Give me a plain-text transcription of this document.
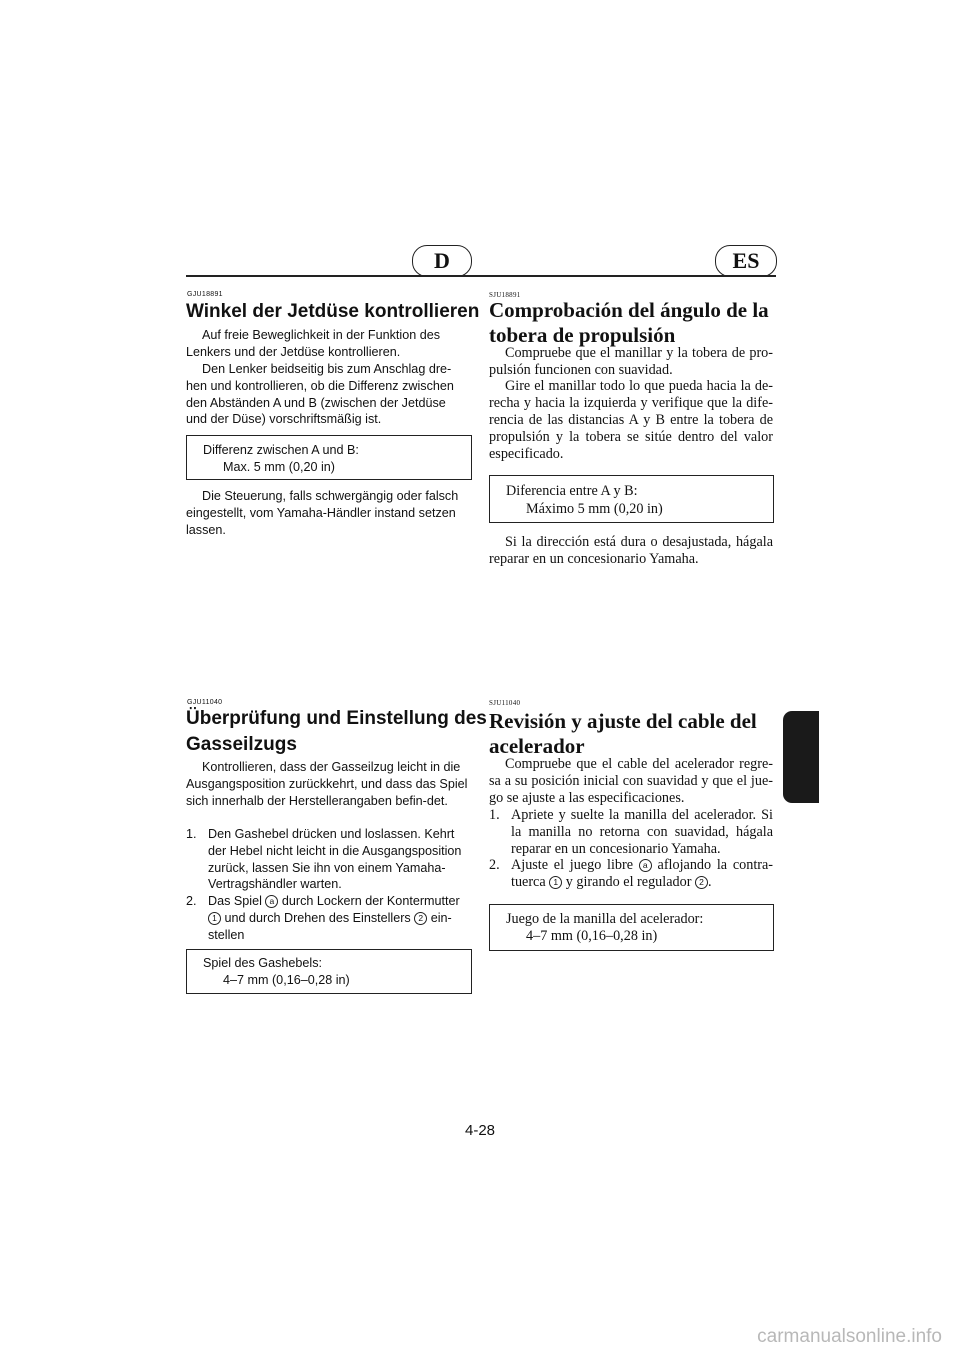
D	ES
GJU18891
Winkel der Jetdüse kontrollieren
Auf freie Beweglichkeit in der Funktion des Lenkers und der Jetdüse kontrollieren.
Den Lenker beidseitig bis zum Anschlag dre-hen und kontrollieren, ob die Differenz zwischen den Abständen A und B (zwischen der Jetdüse und der Düse) vorschriftsmäßig ist.
Differenz zwischen A und B:
Max. 5 mm (0,20 in)
Die Steuerung, falls schwergängig oder falsch eingestellt, vom Yamaha-Händler instand setzen lassen.
GJU11040
Überprüfung und Einstellung des
Gasseilzugs
Kontrollieren, dass der Gasseilzug leicht in die Ausgangsposition zurückkehrt, und dass das Spiel sich innerhalb der Herstellerangaben befin-det.
1. Den Gashebel drücken und loslassen. Kehrt der Hebel nicht leicht in die Ausgangsposition zurück, lassen Sie ihn von einem Yamaha-Vertragshändler warten.
2. Das Spiel a durch Lockern der Kontermutter 1 und durch Drehen des Einstellers 2 ein-stellen
Spiel des Gashebels:
4–7 mm (0,16–0,28 in)
SJU18891
Comprobación del ángulo de la
tobera de propulsión
Compruebe que el manillar y la tobera de pro-pulsión funcionen con suavidad.
Gire el manillar todo lo que pueda hacia la de-recha y hacia la izquierda y verifique que la dife-rencia de las distancias A y B entre la tobera de propulsión y la tobera se sitúe dentro del valor especificado.
Diferencia entre A y B:
Máximo 5 mm (0,20 in)
Si la dirección está dura o desajustada, hágala reparar en un concesionario Yamaha.
SJU11040
Revisión y ajuste del cable del
acelerador
Compruebe que el cable del acelerador regre-sa a su posición inicial con suavidad y que el jue-go se ajuste a las especificaciones.
1. Apriete y suelte la manilla del acelerador. Si la manilla no retorna con suavidad, hágala reparar en un concesionario Yamaha.
2. Ajuste el juego libre a aflojando la contra-tuerca 1 y girando el regulador 2 .
Juego de la manilla del acelerador:
4–7 mm (0,16–0,28 in)
4-28
carmanualsonline.info
